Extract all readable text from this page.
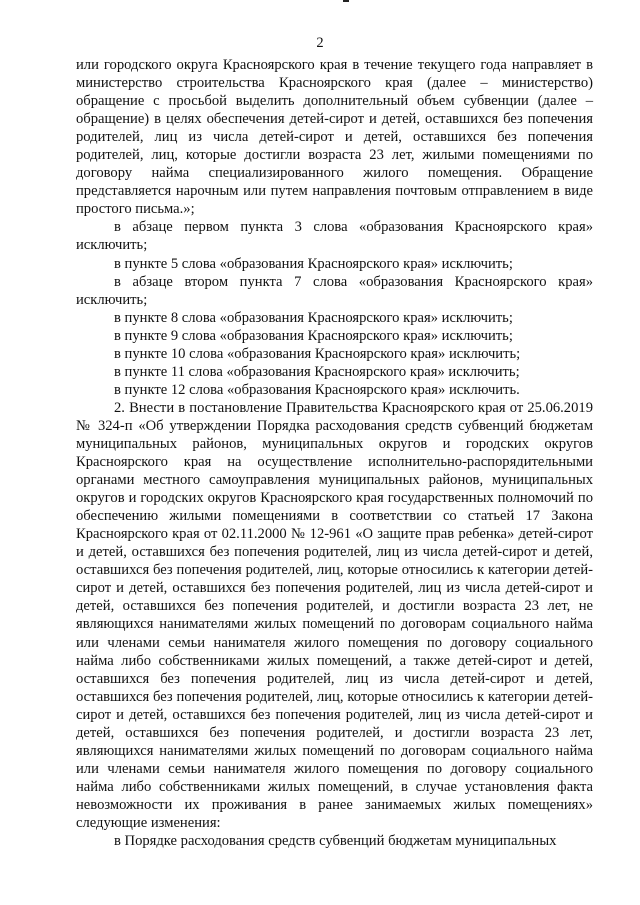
2

или городского округа Красноярского края в течение текущего года направляет в министерство строительства Красноярского края (далее – министерство) обращение с просьбой выделить дополнительный объем субвенции (далее – обращение) в целях обеспечения детей-сирот и детей, оставшихся без попечения родителей, лиц из числа детей-сирот и детей, оставшихся без попечения родителей, лиц, которые достигли возраста 23 лет, жилыми помещениями по договору найма специализированного жилого помещения. Обращение представляется нарочным или путем направления почтовым отправлением в виде простого письма.»;

в абзаце первом пункта 3 слова «образования Красноярского края» исключить;

в пункте 5 слова «образования Красноярского края» исключить;

в абзаце втором пункта 7 слова «образования Красноярского края» исключить;

в пункте 8 слова «образования Красноярского края» исключить;

в пункте 9 слова «образования Красноярского края» исключить;

в пункте 10 слова «образования Красноярского края» исключить;

в пункте 11 слова «образования Красноярского края» исключить;

в пункте 12 слова «образования Красноярского края» исключить.

2. Внести в постановление Правительства Красноярского края от 25.06.2019 № 324-п «Об утверждении Порядка расходования средств субвенций бюджетам муниципальных районов, муниципальных округов и городских округов Красноярского края на осуществление исполнительно-распорядительными органами местного самоуправления муниципальных районов, муниципальных округов и городских округов Красноярского края государственных полномочий по обеспечению жилыми помещениями в соответствии со статьей 17 Закона Красноярского края от 02.11.2000 № 12-961 «О защите прав ребенка» детей-сирот и детей, оставшихся без попечения родителей, лиц из числа детей-сирот и детей, оставшихся без попечения родителей, лиц, которые относились к категории детей-сирот и детей, оставшихся без попечения родителей, лиц из числа детей-сирот и детей, оставшихся без попечения родителей, и достигли возраста 23 лет, не являющихся нанимателями жилых помещений по договорам социального найма или членами семьи нанимателя жилого помещения по договору социального найма либо собственниками жилых помещений, а также детей-сирот и детей, оставшихся без попечения родителей, лиц из числа детей-сирот и детей, оставшихся без попечения родителей, лиц, которые относились к категории детей-сирот и детей, оставшихся без попечения родителей, лиц из числа детей-сирот и детей, оставшихся без попечения родителей, и достигли возраста 23 лет, являющихся нанимателями жилых помещений по договорам социального найма или членами семьи нанимателя жилого помещения по договору социального найма либо собственниками жилых помещений, в случае установления факта невозможности их проживания в ранее занимаемых жилых помещениях» следующие изменения:

в Порядке расходования средств субвенций бюджетам муниципальных
